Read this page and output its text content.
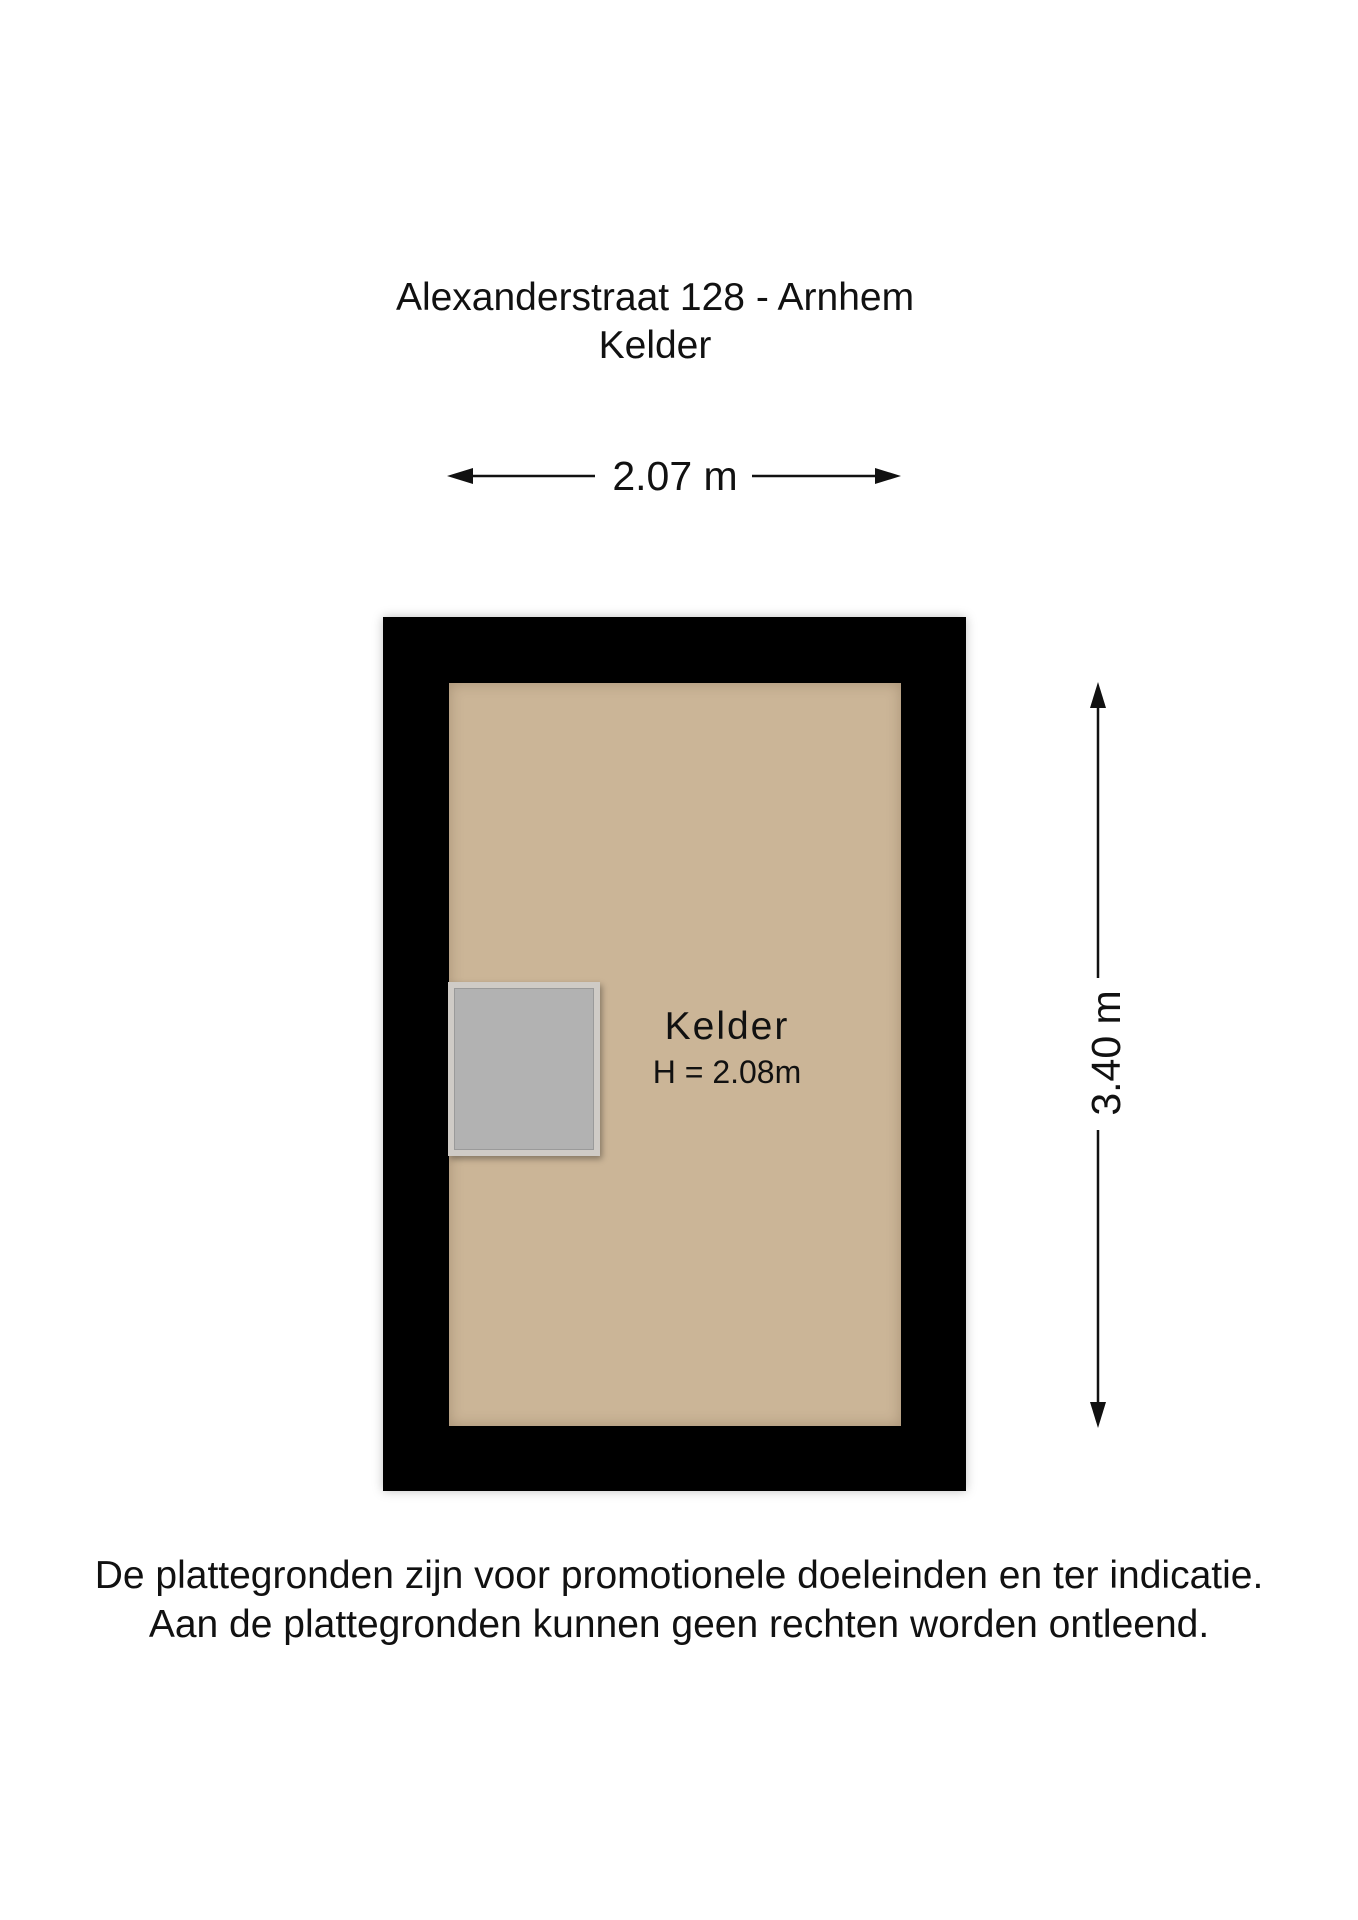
Alexanderstraat 128 - Arnhem
Kelder
2.07 m
3.40 m
Kelder
H = 2.08m
De plattegronden zijn voor promotionele doeleinden en ter indicatie.
Aan de plattegronden kunnen geen rechten worden ontleend.
